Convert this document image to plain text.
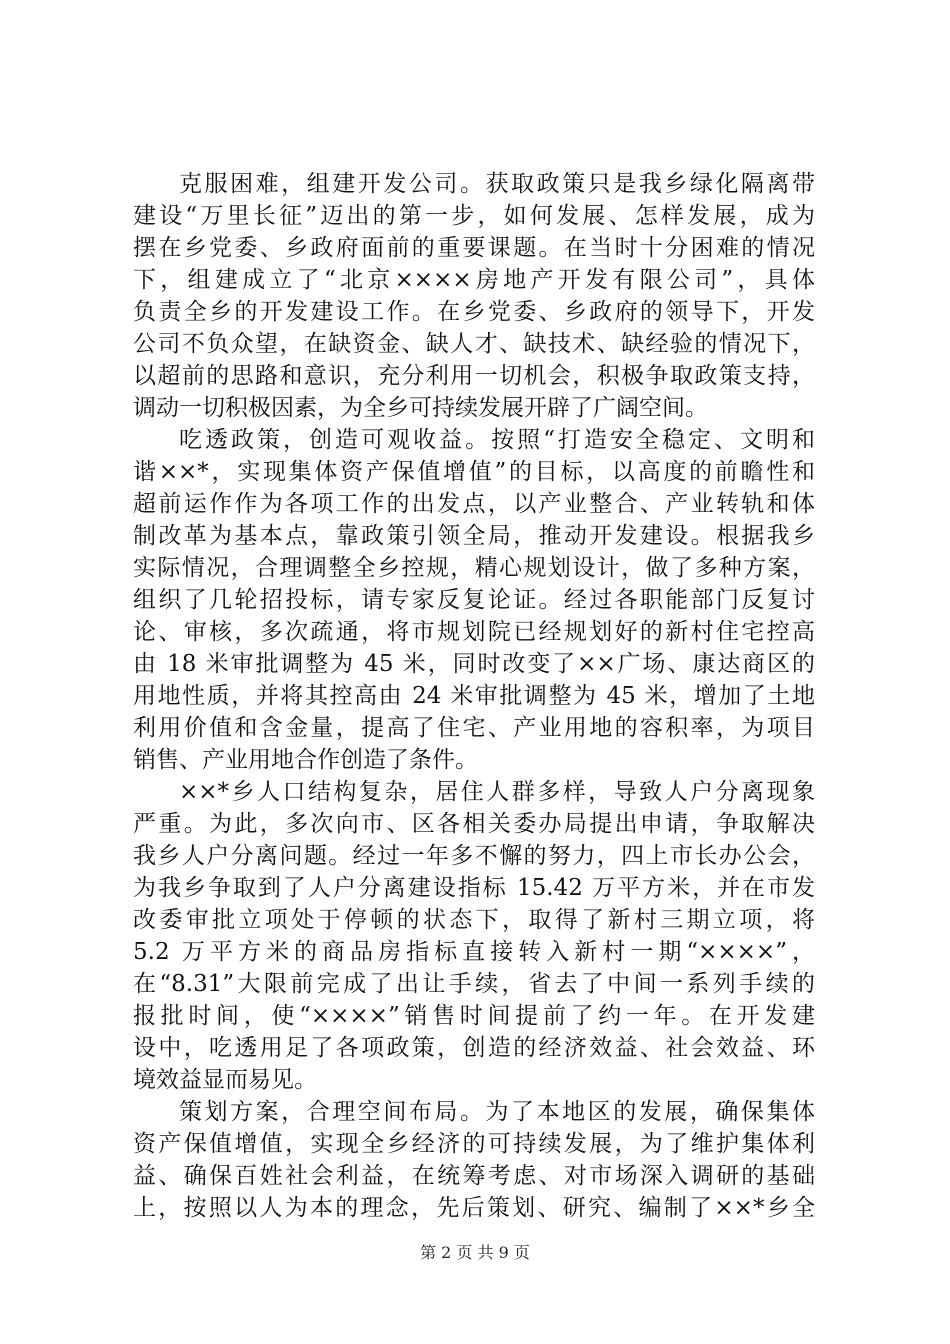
克服困难，组建开发公司。获取政策只是我乡绿化隔离带
建设“万里长征”迈出的第一步，如何发展、怎样发展，成为
摆在乡党委、乡政府面前的重要课题。在当时十分困难的情况
下，组建成立了“北京××××房地产开发有限公司”，具体
负责全乡的开发建设工作。在乡党委、乡政府的领导下，开发
公司不负众望，在缺资金、缺人才、缺技术、缺经验的情况下，
以超前的思路和意识，充分利用一切机会，积极争取政策支持，
调动一切积极因素，为全乡可持续发展开辟了广阔空间。
吃透政策，创造可观收益。按照“打造安全稳定、文明和
谐××*，实现集体资产保值增值”的目标，以高度的前瞻性和
超前运作作为各项工作的出发点，以产业整合、产业转轨和体
制改革为基本点，靠政策引领全局，推动开发建设。根据我乡
实际情况，合理调整全乡控规，精心规划设计，做了多种方案，
组织了几轮招投标，请专家反复论证。经过各职能部门反复讨
论、审核，多次疏通，将市规划院已经规划好的新村住宅控高
由 18 米审批调整为 45 米，同时改变了××广场、康达商区的
用地性质，并将其控高由 24 米审批调整为 45 米，增加了土地
利用价值和含金量，提高了住宅、产业用地的容积率，为项目
销售、产业用地合作创造了条件。
××*乡人口结构复杂，居住人群多样，导致人户分离现象
严重。为此，多次向市、区各相关委办局提出申请，争取解决
我乡人户分离问题。经过一年多不懈的努力，四上市长办公会，
为我乡争取到了人户分离建设指标 15.42 万平方米，并在市发
改委审批立项处于停顿的状态下，取得了新村三期立项，将
5.2 万平方米的商品房指标直接转入新村一期“××××”，
在“8.31”大限前完成了出让手续，省去了中间一系列手续的
报批时间，使“××××”销售时间提前了约一年。在开发建
设中，吃透用足了各项政策，创造的经济效益、社会效益、环
境效益显而易见。
策划方案，合理空间布局。为了本地区的发展，确保集体
资产保值增值，实现全乡经济的可持续发展，为了维护集体利
益、确保百姓社会利益，在统筹考虑、对市场深入调研的基础
上，按照以人为本的理念，先后策划、研究、编制了××*乡全
第 2 页 共 9 页
